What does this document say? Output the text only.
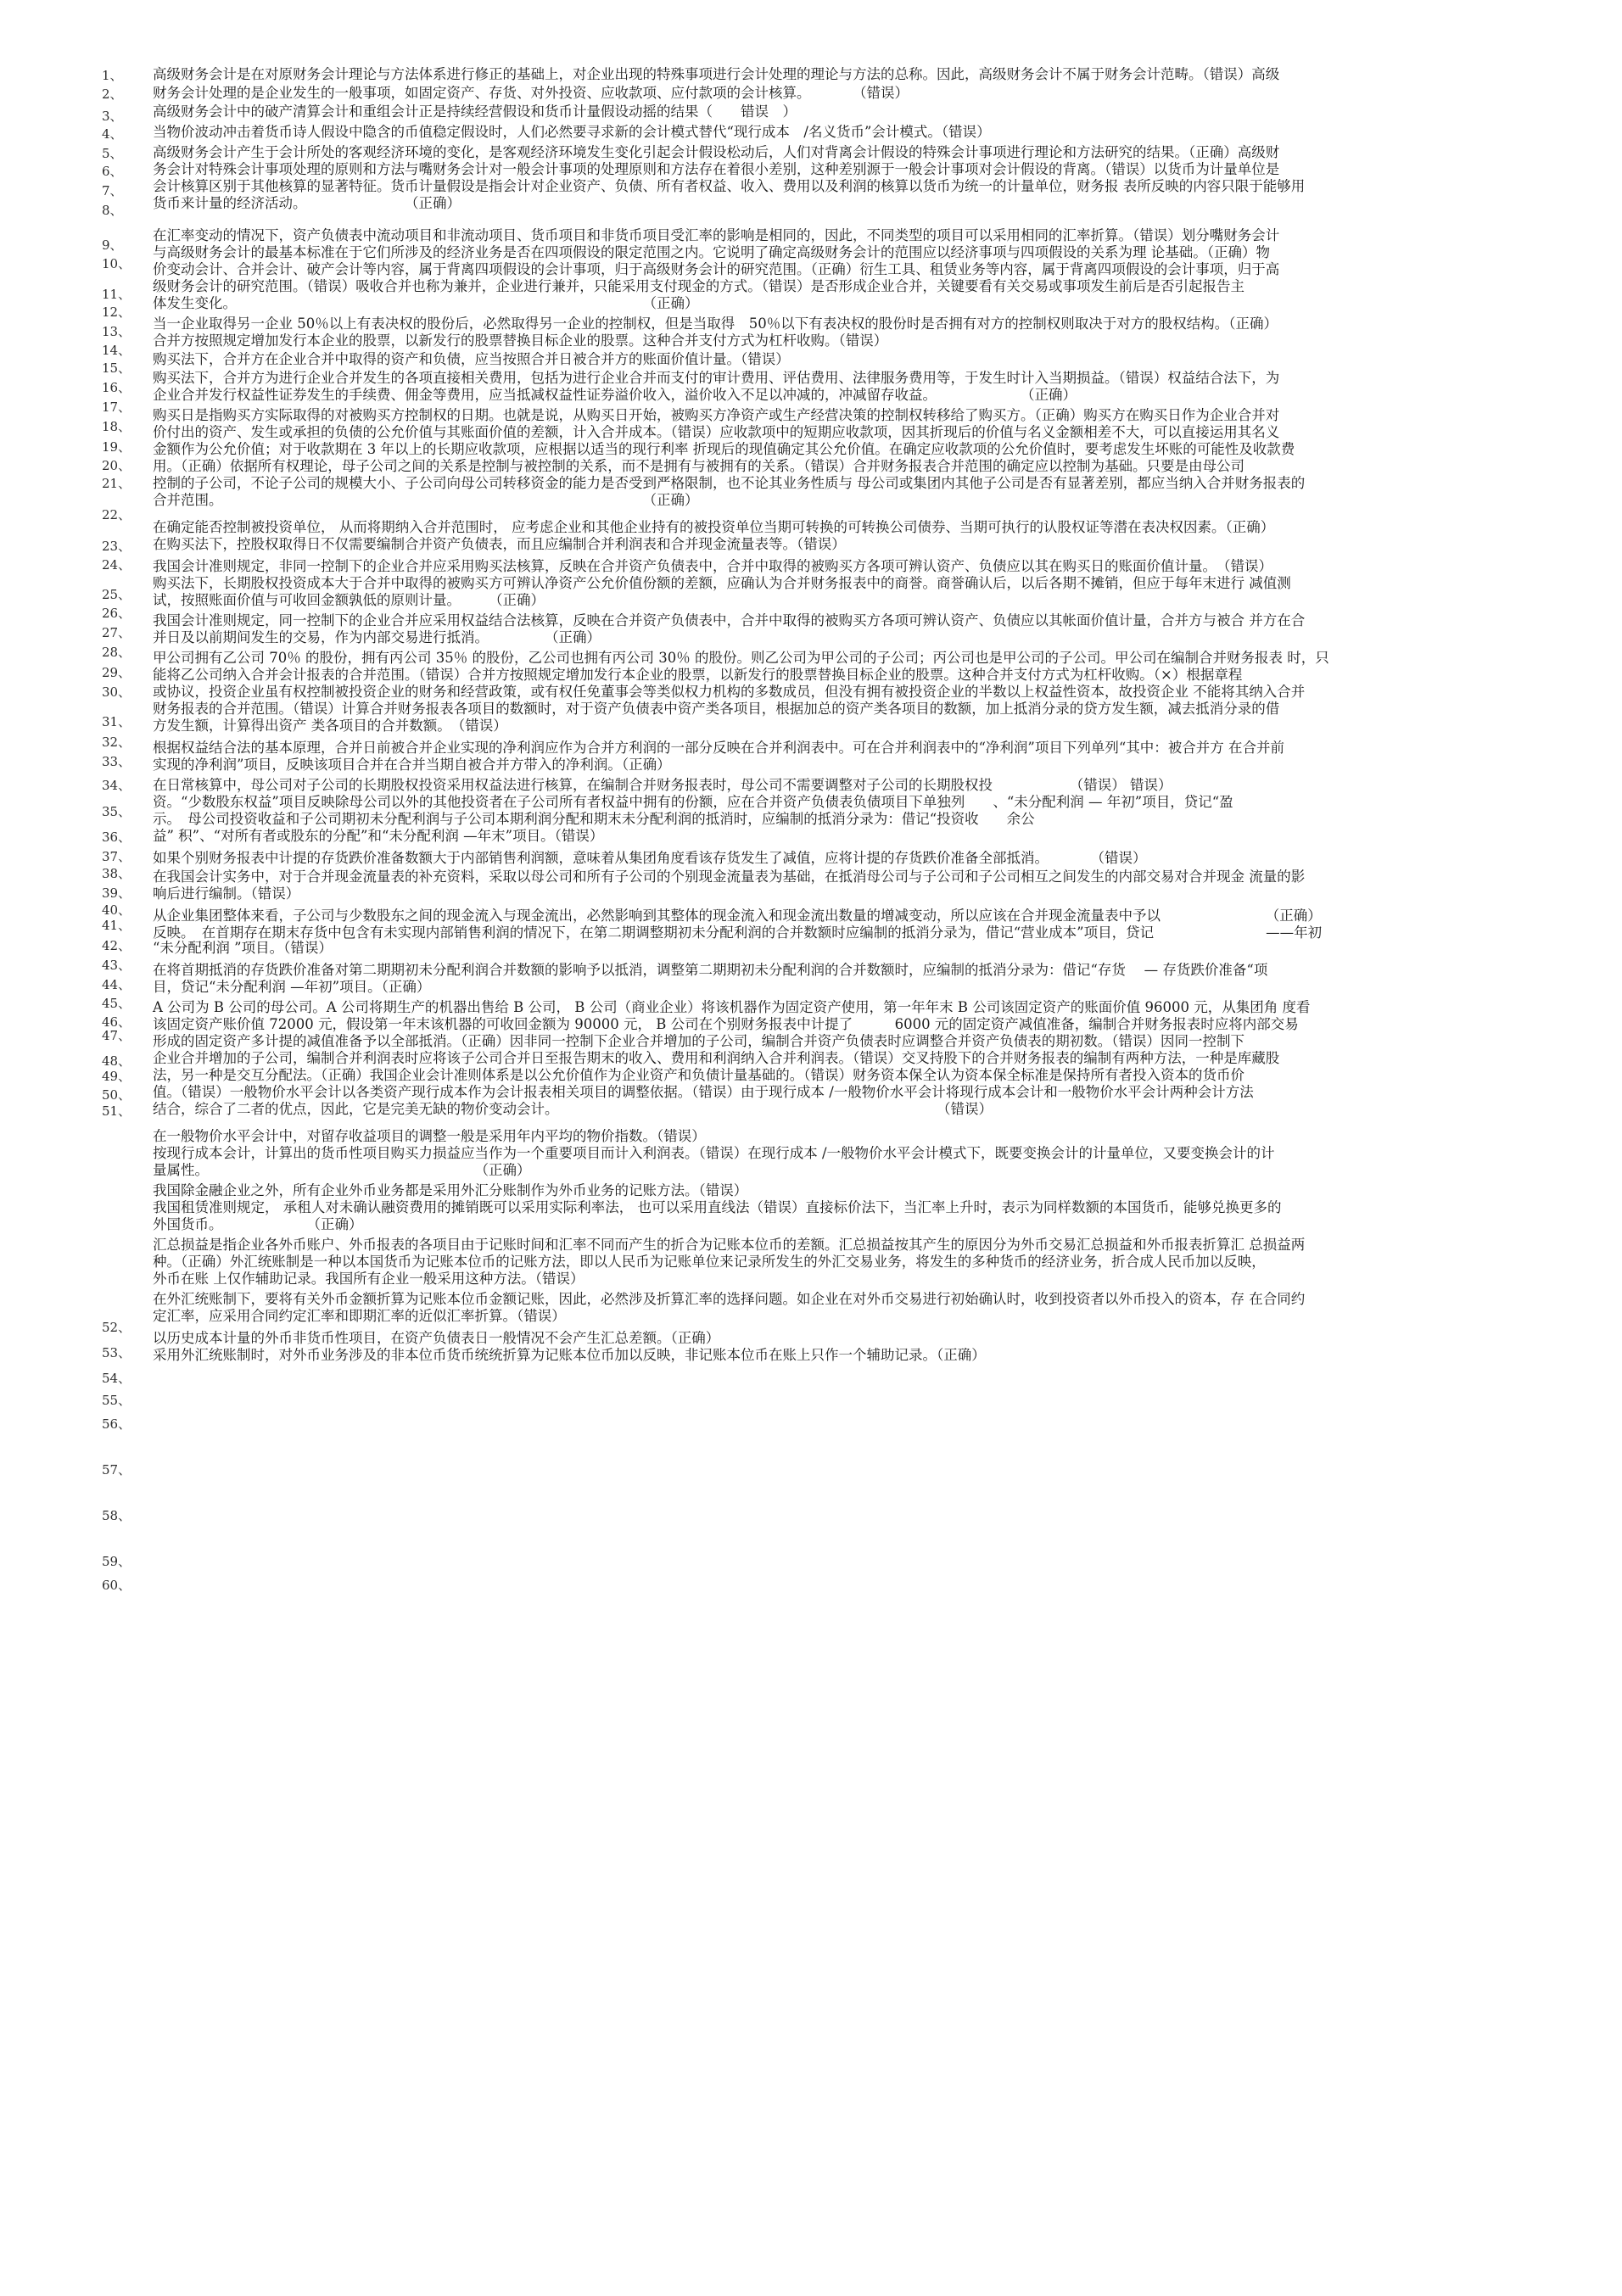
1、
2、
3、
4、
5、
6、
7、
8、
9、
10、
11、
12、
13、
14、
15、
16、
17、
18、
19、
20、
21、
22、
23、
24、
25、
26、
27、
28、
29、
30、
31、
32、
33、
34、
35、
36、
37、
38、
39、
40、
41、
42、
43、
44、
45、
46、
47、
48、
49、
50、
51、
52、
53、
54、
55、
56、
57、
58、
59、
60、
高级财务会计是在对原财务会计理论与方法体系进行修正的基础上，对企业出现的特殊事项进行会计处理的理论与方法的总称。因此，高级财务会计不属于财务会计范畴。（错误）高级
财务会计处理的是企业发生的一般事项，如固定资产、存货、对外投资、应收款项、应付款项的会计核算。　　　　（错误）
高级财务会计中的破产清算会计和重组会计正是持续经营假设和货币计量假设动摇的结果（　　错误　）
当物价波动冲击着货币诗人假设中隐含的币值稳定假设时，人们必然要寻求新的会计模式替代“现行成本　/名义货币”会计模式。（错误）
高级财务会计产生于会计所处的客观经济环境的变化，是客观经济环境发生变化引起会计假设松动后，人们对背离会计假设的特殊会计事项进行理论和方法研究的结果。（正确）高级财
务会计对特殊会计事项处理的原则和方法与嘴财务会计对一般会计事项的处理原则和方法存在着很小差别，这种差别源于一般会计事项对会计假设的背离。（错误）以货币为计量单位是
会计核算区别于其他核算的显著特征。货币计量假设是指会计对企业资产、负债、所有者权益、收入、费用以及利润的核算以货币为统一的计量单位，财务报 表所反映的内容只限于能够用
货币来计量的经济活动。　　　　　　　　（正确）
在汇率变动的情况下，资产负债表中流动项目和非流动项目、货币项目和非货币项目受汇率的影响是相同的，因此，不同类型的项目可以采用相同的汇率折算。（错误）划分嘴财务会计
与高级财务会计的最基本标准在于它们所涉及的经济业务是否在四项假设的限定范围之内。它说明了确定高级财务会计的范围应以经济事项与四项假设的关系为理 论基础。（正确）物
价变动会计、合并会计、破产会计等内容，属于背离四项假设的会计事项，归于高级财务会计的研究范围。（正确）衍生工具、租赁业务等内容，属于背离四项假设的会计事项，归于高
级财务会计的研究范围。（错误）吸收合并也称为兼并，企业进行兼并，只能采用支付现金的方式。（错误）是否形成企业合并，关键要看有关交易或事项发生前后是否引起报告主
体发生变化。　　　　　　　　　　　　　　　　　　　　　　　　　　　　　　（正确）
当一企业取得另一企业 50％以上有表决权的股份后，必然取得另一企业的控制权，但是当取得　50％以下有表决权的股份时是否拥有对方的控制权则取决于对方的股权结构。（正确）
合并方按照规定增加发行本企业的股票，以新发行的股票替换目标企业的股票。这种合并支付方式为杠杆收购。（错误）
购买法下，合并方在企业合并中取得的资产和负债，应当按照合并日被合并方的账面价值计量。（错误）
购买法下，合并方为进行企业合并发生的各项直接相关费用，包括为进行企业合并而支付的审计费用、评估费用、法律服务费用等，于发生时计入当期损益。（错误）权益结合法下，为
企业合并发行权益性证券发生的手续费、佣金等费用，应当抵减权益性证券溢价收入，溢价收入不足以冲减的，冲减留存收益。　　　　　　　（正确）
购买日是指购买方实际取得的对被购买方控制权的日期。也就是说，从购买日开始，被购买方净资产或生产经营决策的控制权转移给了购买方。（正确）购买方在购买日作为企业合并对
价付出的资产、发生或承担的负债的公允价值与其账面价值的差额，计入合并成本。（错误）应收款项中的短期应收款项，因其折现后的价值与名义金额相差不大，可以直接运用其名义
金额作为公允价值；对于收款期在 3 年以上的长期应收款项，应根据以适当的现行利率 折现后的现值确定其公允价值。在确定应收款项的公允价值时，要考虑发生坏账的可能性及收款费
用。（正确）依据所有权理论，母子公司之间的关系是控制与被控制的关系，而不是拥有与被拥有的关系。（错误）合并财务报表合并范围的确定应以控制为基础。只要是由母公司
控制的子公司，不论子公司的规模大小、子公司向母公司转移资金的能力是否受到严格限制，也不论其业务性质与 母公司或集团内其他子公司是否有显著差别，都应当纳入合并财务报表的
合并范围。　　　　　　　　　　　　　　　　　　　　　　　　　　　　　　　（正确）
在确定能否控制被投资单位， 从而将期纳入合并范围时， 应考虑企业和其他企业持有的被投资单位当期可转换的可转换公司债券、当期可执行的认股权证等潜在表决权因素。（正确）
在购买法下，控股权取得日不仅需要编制合并资产负债表，而且应编制合并利润表和合并现金流量表等。（错误）
我国会计准则规定，非同一控制下的企业合并应采用购买法核算，反映在合并资产负债表中，合并中取得的被购买方各项可辨认资产、负债应以其在购买日的账面价值计量。　（错误）
购买法下，长期股权投资成本大于合并中取得的被购买方可辨认净资产公允价值份额的差额，应确认为合并财务报表中的商誉。商誉确认后，以后各期不摊销，但应于每年末进行 减值测
试，按照账面价值与可收回金额孰低的原则计量。　　　（正确）
我国会计准则规定，同一控制下的企业合并应采用权益结合法核算，反映在合并资产负债表中，合并中取得的被购买方各项可辨认资产、负债应以其帐面价值计量，合并方与被合 并方在合
并日及以前期间发生的交易，作为内部交易进行抵消。　　　　　（正确）
甲公司拥有乙公司 70％ 的股份，拥有丙公司 35％ 的股份，乙公司也拥有丙公司 30％ 的股份。则乙公司为甲公司的子公司；丙公司也是甲公司的子公司。甲公司在编制合并财务报表 时，只
能将乙公司纳入合并会计报表的合并范围。（错误）合并方按照规定增加发行本企业的股票，以新发行的股票替换目标企业的股票。这种合并支付方式为杠杆收购。（×）根据章程
或协议，投资企业虽有权控制被投资企业的财务和经营政策，或有权任免董事会等类似权力机构的多数成员，但没有拥有被投资企业的半数以上权益性资本，故投资企业 不能将其纳入合并
财务报表的合并范围。（错误）计算合并财务报表各项目的数额时，对于资产负债表中资产类各项目，根据加总的资产类各项目的数额，加上抵消分录的贷方发生额，减去抵消分录的借
方发生额，计算得出资产 类各项目的合并数额。　（错误）
根据权益结合法的基本原理，合并日前被合并企业实现的净利润应作为合并方利润的一部分反映在合并利润表中。可在合并利润表中的“净利润”项目下列单列“其中：被合并方 在合并前
实现的净利润”项目，反映该项目合并在合并当期自被合并方带入的净利润。（正确）
在日常核算中，母公司对子公司的长期股权投资采用权益法进行核算，在编制合并财务报表时，母公司不需要调整对子公司的长期股权投　　　　　　（错误） 错误）
资。“少数股东权益”项目反映除母公司以外的其他投资者在子公司所有者权益中拥有的份额，应在合并资产负债表负债项目下单独列　　、“未分配利润 — 年初”项目，贷记“盈
示。　母公司投资收益和子公司期初未分配利润与子公司本期利润分配和期末未分配利润的抵消时，应编制的抵消分录为：借记“投资收　　余公
益” 积”、“对所有者或股东的分配”和“未分配利润 —年末”项目。（错误）
如果个别财务报表中计提的存货跌价准备数额大于内部销售利润额，意味着从集团角度看该存货发生了减值，应将计提的存货跌价准备全部抵消。　　　　（错误）
在我国会计实务中，对于合并现金流量表的补充资料，采取以母公司和所有子公司的个别现金流量表为基础，在抵消母公司与子公司和子公司相互之间发生的内部交易对合并现金 流量的影
响后进行编制。（错误）
从企业集团整体来看，子公司与少数股东之间的现金流入与现金流出，必然影响到其整体的现金流入和现金流出数量的增减变动，所以应该在合并现金流量表中予以　　　　　　　　（正确）
反映。　在首期存在期末存货中包含有未实现内部销售利润的情况下，在第二期调整期初未分配利润的合并数额时应编制的抵消分录为，借记“营业成本”项目，贷记　　　　　　　　——年初
“未分配利润 ”项目。（错误）
在将首期抵消的存货跌价准备对第二期期初未分配利润合并数额的影响予以抵消，调整第二期期初未分配利润的合并数额时，应编制的抵消分录为：借记“存货 　— 存货跌价准备“项
目，贷记“未分配利润 —年初”项目。（正确）
A 公司为 B 公司的母公司。A 公司将期生产的机器出售给 B 公司， B 公司（商业企业）将该机器作为固定资产使用，第一年年末 B 公司该固定资产的账面价值 96000 元，从集团角 度看
该固定资产账价值 72000 元，假设第一年末该机器的可收回金额为 90000 元， B 公司在个别财务报表中计提了　　　6000 元的固定资产减值准备，编制合并财务报表时应将内部交易
形成的固定资产多计提的减值准备予以全部抵消。（正确）因非同一控制下企业合并增加的子公司，编制合并资产负债表时应调整合并资产负债表的期初数。（错误）因同一控制下
企业合并增加的子公司，编制合并利润表时应将该子公司合并日至报告期末的收入、费用和利润纳入合并利润表。（错误）交叉持股下的合并财务报表的编制有两种方法，一种是库藏股
法，另一种是交互分配法。（正确）我国企业会计准则体系是以公允价值作为企业资产和负债计量基础的。（错误）财务资本保全认为资本保全标准是保持所有者投入资本的货币价
值。（错误）一般物价水平会计以各类资产现行成本作为会计报表相关项目的调整依据。（错误）由于现行成本 /一般物价水平会计将现行成本会计和一般物价水平会计两种会计方法
结合，综合了二者的优点，因此，它是完美无缺的物价变动会计。　　　　　　　　　　　　　　　　　　　　　　　　　　　　（错误）
在一般物价水平会计中，对留存收益项目的调整一般是采用年内平均的物价指数。（错误）
按现行成本会计，计算出的货币性项目购买力损益应当作为一个重要项目而计入利润表。（错误）在现行成本 /一般物价水平会计模式下，既要变换会计的计量单位，又要变换会计的计
量属性。　　　　　　　　　　　　　　　　　　　　（正确）
我国除金融企业之外，所有企业外币业务都是采用外汇分账制作为外币业务的记账方法。（错误）
我国租赁准则规定， 承租人对未确认融资费用的摊销既可以采用实际利率法， 也可以采用直线法（错误）直接标价法下，当汇率上升时，表示为同样数额的本国货币，能够兑换更多的
外国货币。　　　　　　　（正确）
汇总损益是指企业各外币账户、外币报表的各项目由于记账时间和汇率不同而产生的折合为记账本位币的差额。汇总损益按其产生的原因分为外币交易汇总损益和外币报表折算汇 总损益两
种。（正确）外汇统账制是一种以本国货币为记账本位币的记账方法，即以人民币为记账单位来记录所发生的外汇交易业务，将发生的多种货币的经济业务，折合成人民币加以反映，
外币在账 上仅作辅助记录。我国所有企业一般采用这种方法。（错误）
在外汇统账制下，要将有关外币金额折算为记账本位币金额记账，因此，必然涉及折算汇率的选择问题。如企业在对外币交易进行初始确认时，收到投资者以外币投入的资本，存 在合同约
定汇率，应采用合同约定汇率和即期汇率的近似汇率折算。（错误）
以历史成本计量的外币非货币性项目，在资产负债表日一般情况不会产生汇总差额。（正确）
采用外汇统账制时，对外币业务涉及的非本位币货币统统折算为记账本位币加以反映，非记账本位币在账上只作一个辅助记录。（正确）
